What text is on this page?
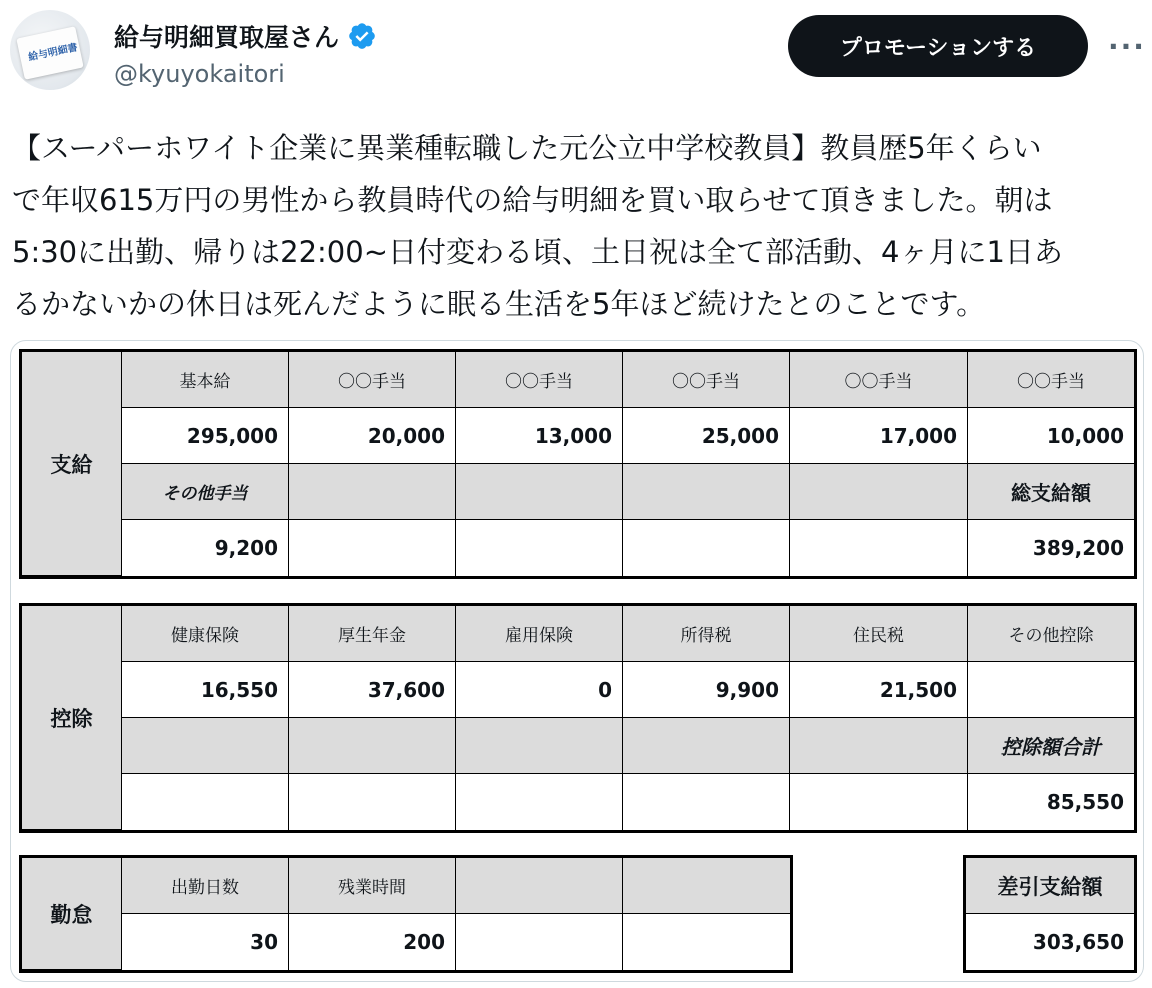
給与明細書
給与明細買取屋さん
@kyuyokaitori
プロモーションする	···

【スーパーホワイト企業に異業種転職した元公立中学校教員】教員歴5年くらい

で年収615万円の男性から教員時代の給与明細を買い取らせて頂きました。朝は

5:30に出勤、帰りは22:00~日付変わる頃、土日祝は全て部活動、4ヶ月に1日あ

るかないかの休日は死んだように眠る生活を5年ほど続けたとのことです。

支給
基本給	〇〇手当	〇〇手当	〇〇手当	〇〇手当	〇〇手当
295,000	20,000	13,000	25,000	17,000	10,000
その他手当	総支給額
9,200	389,200
控除
健康保険	厚生年金	雇用保険	所得税	住民税	その他控除
16,550	37,600	0	9,900	21,500
控除額合計
85,550
勤怠
出勤日数	残業時間
30	200
差引支給額
303,650
